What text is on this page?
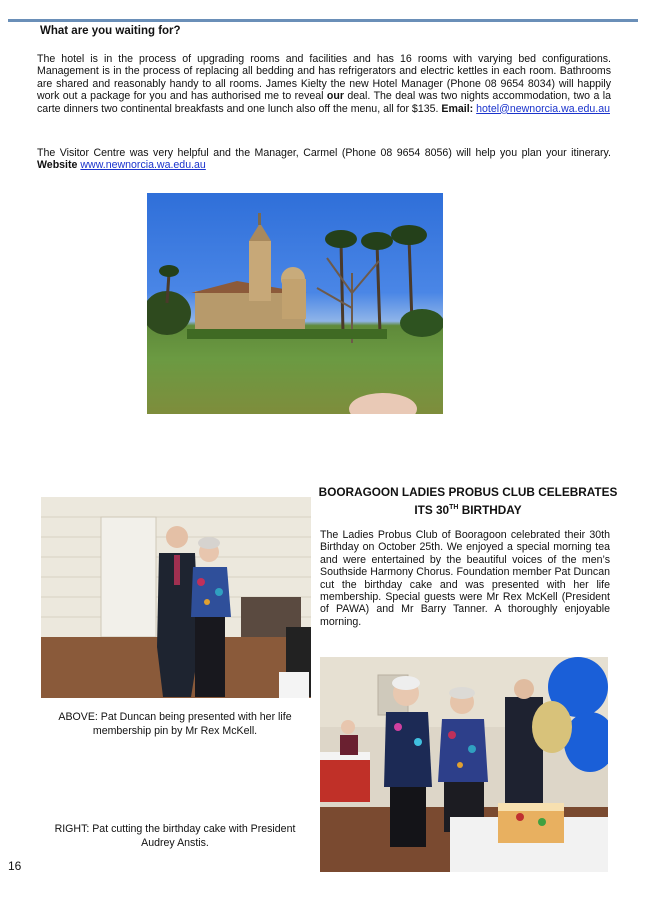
What are you waiting for?
The hotel is in the process of upgrading rooms and facilities and has 16 rooms with varying bed configurations. Management is in the process of replacing all bedding and has refrigerators and electric kettles in each room. Bathrooms are shared and reasonably handy to all rooms. James Kielty the new Hotel Manager (Phone 08 9654 8034) will happily work out a package for you and has authorised me to reveal our deal. The deal was two nights accommodation, two a la carte dinners two continental breakfasts and one lunch also off the menu, all for $135. Email: hotel@newnorcia.wa.edu.au
The Visitor Centre was very helpful and the Manager, Carmel (Phone 08 9654 8056) will help you plan your itinerary. Website www.newnorcia.wa.edu.au
BOORAGOON LADIES PROBUS CLUB CELEBRATES
ITS 30TH BIRTHDAY
The Ladies Probus Club of Booragoon celebrated their 30th Birthday on October 25th. We enjoyed a special morning tea and were entertained by the beautiful voices of the men’s Southside Harmony Chorus. Foundation member Pat Duncan cut the birthday cake and was presented with her life membership. Special guests were Mr Rex McKell (President of PAWA) and Mr Barry Tanner. A thoroughly enjoyable morning.
ABOVE: Pat Duncan being presented with her life membership pin by Mr Rex McKell.
RIGHT: Pat cutting the birthday cake with President Audrey Anstis.
16
